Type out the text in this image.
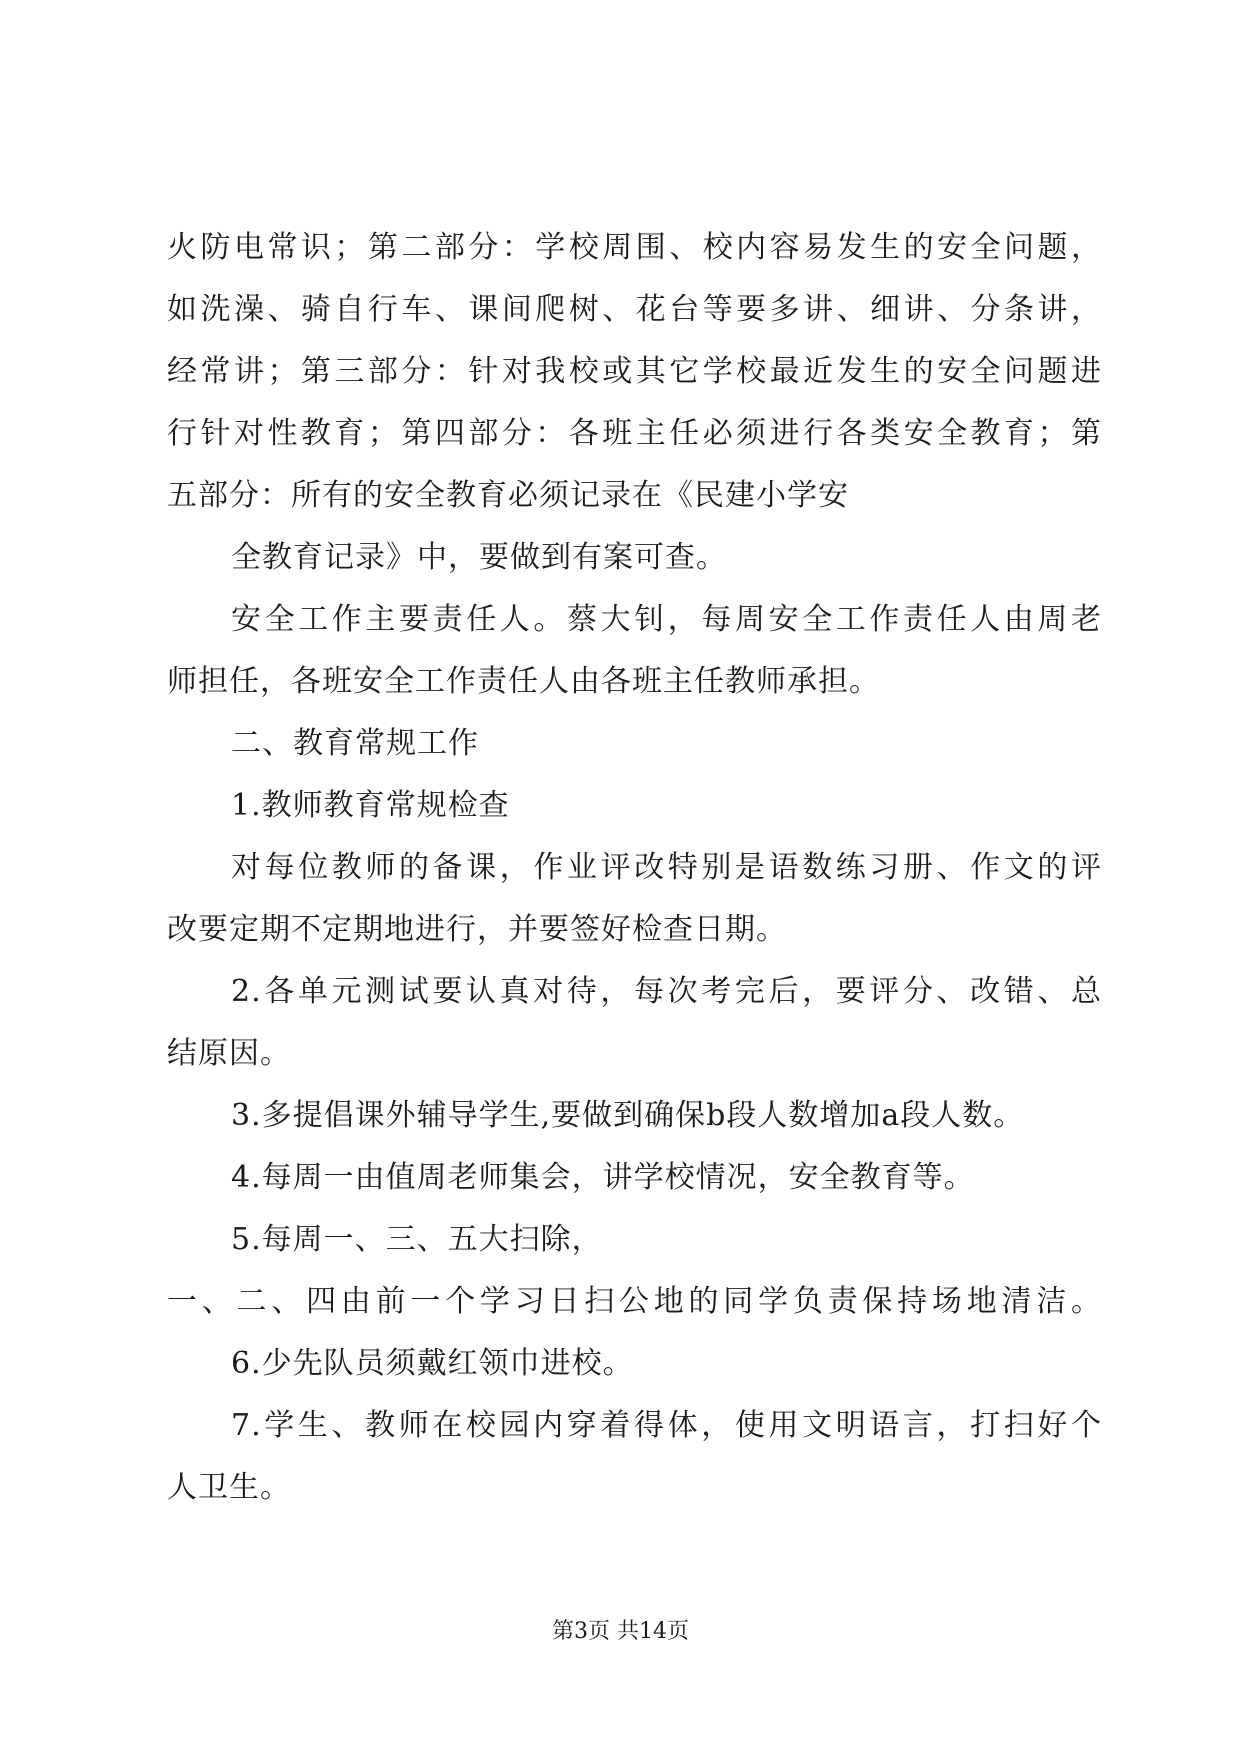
火防电常识；第二部分：学校周围、校内容易发生的安全问题，
如洗澡、骑自行车、课间爬树、花台等要多讲、细讲、分条讲，
经常讲；第三部分：针对我校或其它学校最近发生的安全问题进
行针对性教育；第四部分：各班主任必须进行各类安全教育；第
五部分：所有的安全教育必须记录在《民建小学安
全教育记录》中，要做到有案可查。
安全工作主要责任人。蔡大钊，每周安全工作责任人由周老
师担任，各班安全工作责任人由各班主任教师承担。
二、教育常规工作
1.教师教育常规检查
对每位教师的备课，作业评改特别是语数练习册、作文的评
改要定期不定期地进行，并要签好检查日期。
2.各单元测试要认真对待，每次考完后，要评分、改错、总
结原因。
3.多提倡课外辅导学生,要做到确保b段人数增加a段人数。
4.每周一由值周老师集会，讲学校情况，安全教育等。
5.每周一、三、五大扫除，
一、二、四由前一个学习日扫公地的同学负责保持场地清洁。
6.少先队员须戴红领巾进校。
7.学生、教师在校园内穿着得体，使用文明语言，打扫好个
人卫生。
第3页 共14页
